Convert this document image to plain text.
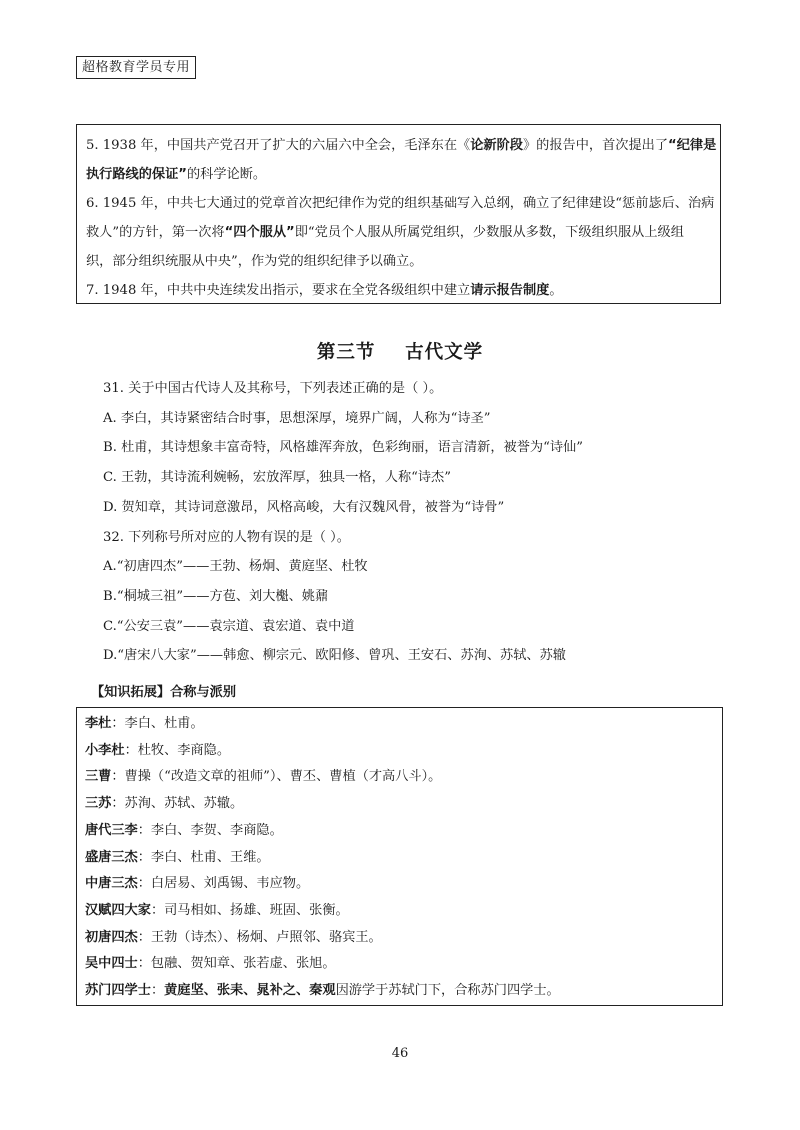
超格教育学员专用

5. 1938 年，中国共产党召开了扩大的六届六中全会，毛泽东在《论新阶段》的报告中，首次提出了“纪律是
执行路线的保证”的科学论断。

6. 1945 年，中共七大通过的党章首次把纪律作为党的组织基础写入总纲，确立了纪律建设“惩前毖后、治病
救人”的方针，第一次将“四个服从”即“党员个人服从所属党组织，少数服从多数，下级组织服从上级组
织，部分组织统服从中央”，作为党的组织纪律予以确立。

7. 1948 年，中共中央连续发出指示，要求在全党各级组织中建立请示报告制度。

第三节    古代文学

31. 关于中国古代诗人及其称号，下列表述正确的是（ ）。

A. 李白，其诗紧密结合时事，思想深厚，境界广阔，人称为“诗圣”

B. 杜甫，其诗想象丰富奇特，风格雄浑奔放，色彩绚丽，语言清新，被誉为“诗仙”

C. 王勃，其诗流利婉畅，宏放浑厚，独具一格，人称“诗杰”

D. 贺知章，其诗词意激昂，风格高峻，大有汉魏风骨，被誉为“诗骨”

32. 下列称号所对应的人物有误的是（ ）。

A.“初唐四杰”——王勃、杨炯、黄庭坚、杜牧

B.“桐城三祖”——方苞、刘大櫆、姚鼐

C.“公安三袁”——袁宗道、袁宏道、袁中道

D.“唐宋八大家”——韩愈、柳宗元、欧阳修、曾巩、王安石、苏洵、苏轼、苏辙

【知识拓展】合称与派别

李杜：李白、杜甫。

小李杜：杜牧、李商隐。

三曹：曹操（“改造文章的祖师”）、曹丕、曹植（才高八斗）。

三苏：苏洵、苏轼、苏辙。

唐代三李：李白、李贺、李商隐。

盛唐三杰：李白、杜甫、王维。

中唐三杰：白居易、刘禹锡、韦应物。

汉赋四大家：司马相如、扬雄、班固、张衡。

初唐四杰：王勃（诗杰）、杨炯、卢照邻、骆宾王。

吴中四士：包融、贺知章、张若虚、张旭。

苏门四学士：黄庭坚、张耒、晁补之、秦观因游学于苏轼门下，合称苏门四学士。

46
